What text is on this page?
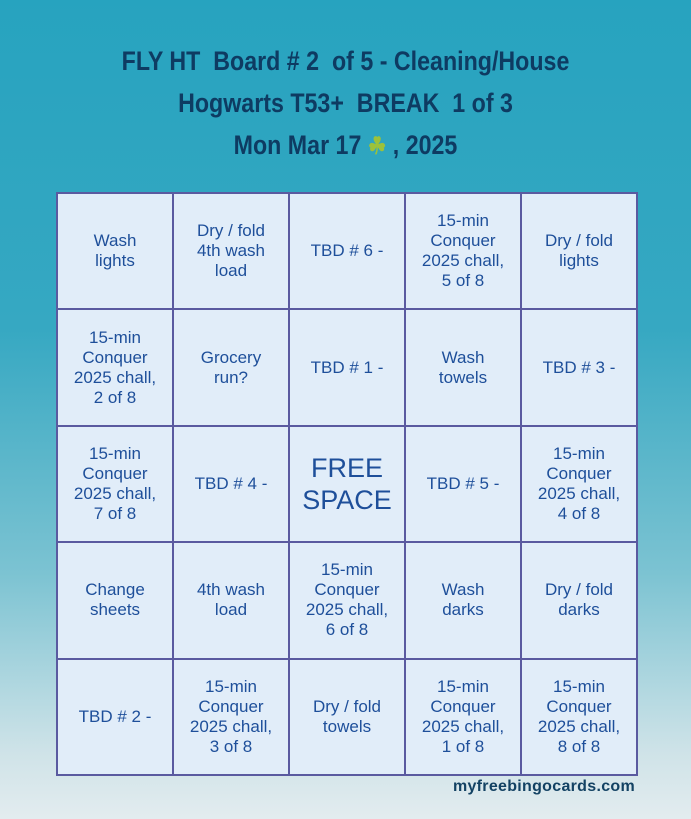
FLY HT  Board # 2  of 5 - Cleaning/House
Hogwarts T53+  BREAK  1 of 3
Mon Mar 17 ☘ , 2025
Wash
lights
Dry / fold
4th wash
load
TBD # 6 -
15-min
Conquer
2025 chall,
5 of 8
Dry / fold
lights
15-min
Conquer
2025 chall,
2 of 8
Grocery
run?
TBD # 1 -
Wash
towels
TBD # 3 -
15-min
Conquer
2025 chall,
7 of 8
TBD # 4 -
FREE
SPACE
TBD # 5 -
15-min
Conquer
2025 chall,
4 of 8
Change
sheets
4th wash
load
15-min
Conquer
2025 chall,
6 of 8
Wash
darks
Dry / fold
darks
TBD # 2 -
15-min
Conquer
2025 chall,
3 of 8
Dry / fold
towels
15-min
Conquer
2025 chall,
1 of 8
15-min
Conquer
2025 chall,
8 of 8
myfreebingocards.com
